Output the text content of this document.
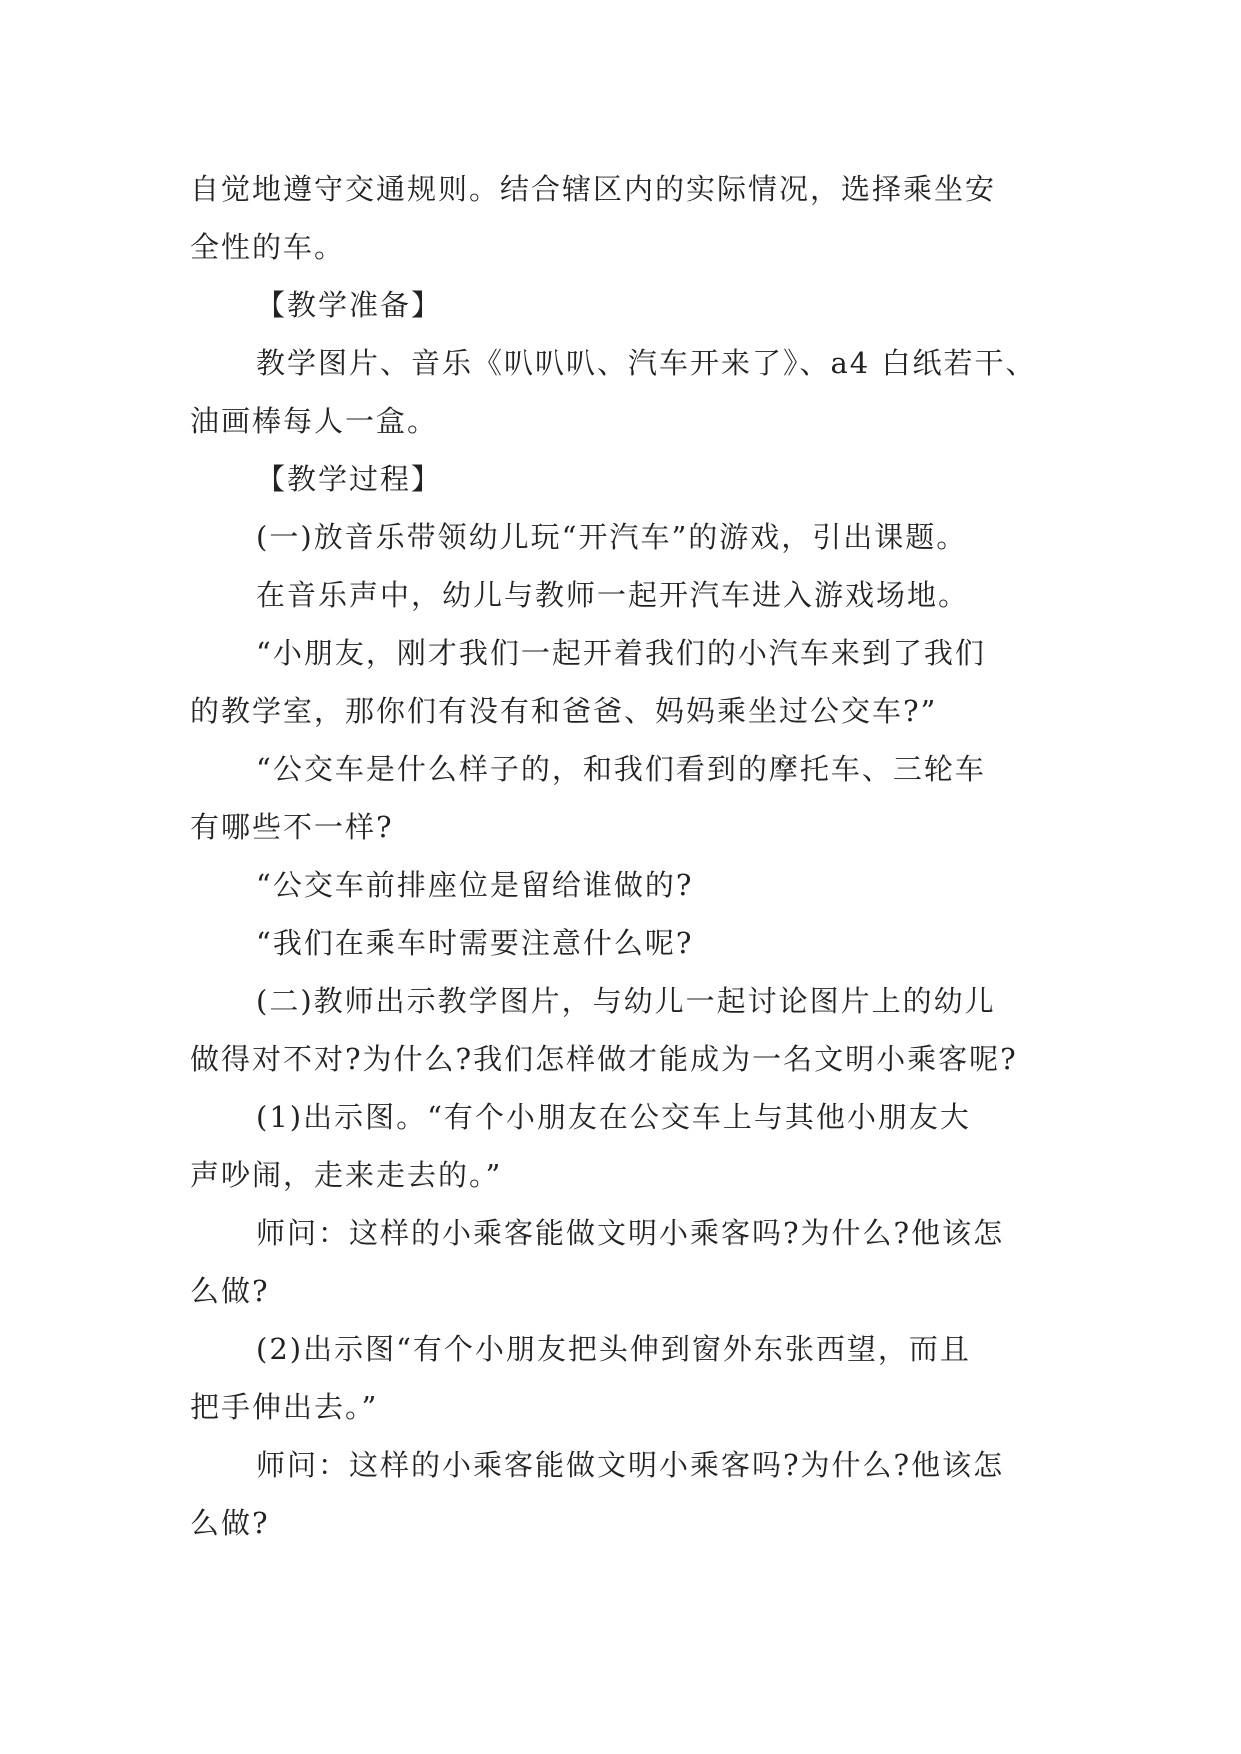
自觉地遵守交通规则。结合辖区内的实际情况，选择乘坐安
全性的车。
【教学准备】
教学图片、音乐《叭叭叭、汽车开来了》、a4 白纸若干、
油画棒每人一盒。
【教学过程】
(一)放音乐带领幼儿玩“开汽车”的游戏，引出课题。
在音乐声中，幼儿与教师一起开汽车进入游戏场地。
“小朋友，刚才我们一起开着我们的小汽车来到了我们
的教学室，那你们有没有和爸爸、妈妈乘坐过公交车?”
“公交车是什么样子的，和我们看到的摩托车、三轮车
有哪些不一样?
“公交车前排座位是留给谁做的?
“我们在乘车时需要注意什么呢?
(二)教师出示教学图片，与幼儿一起讨论图片上的幼儿
做得对不对?为什么?我们怎样做才能成为一名文明小乘客呢?
(1)出示图。“有个小朋友在公交车上与其他小朋友大
声吵闹，走来走去的。”
师问：这样的小乘客能做文明小乘客吗?为什么?他该怎
么做?
(2)出示图“有个小朋友把头伸到窗外东张西望，而且
把手伸出去。”
师问：这样的小乘客能做文明小乘客吗?为什么?他该怎
么做?
